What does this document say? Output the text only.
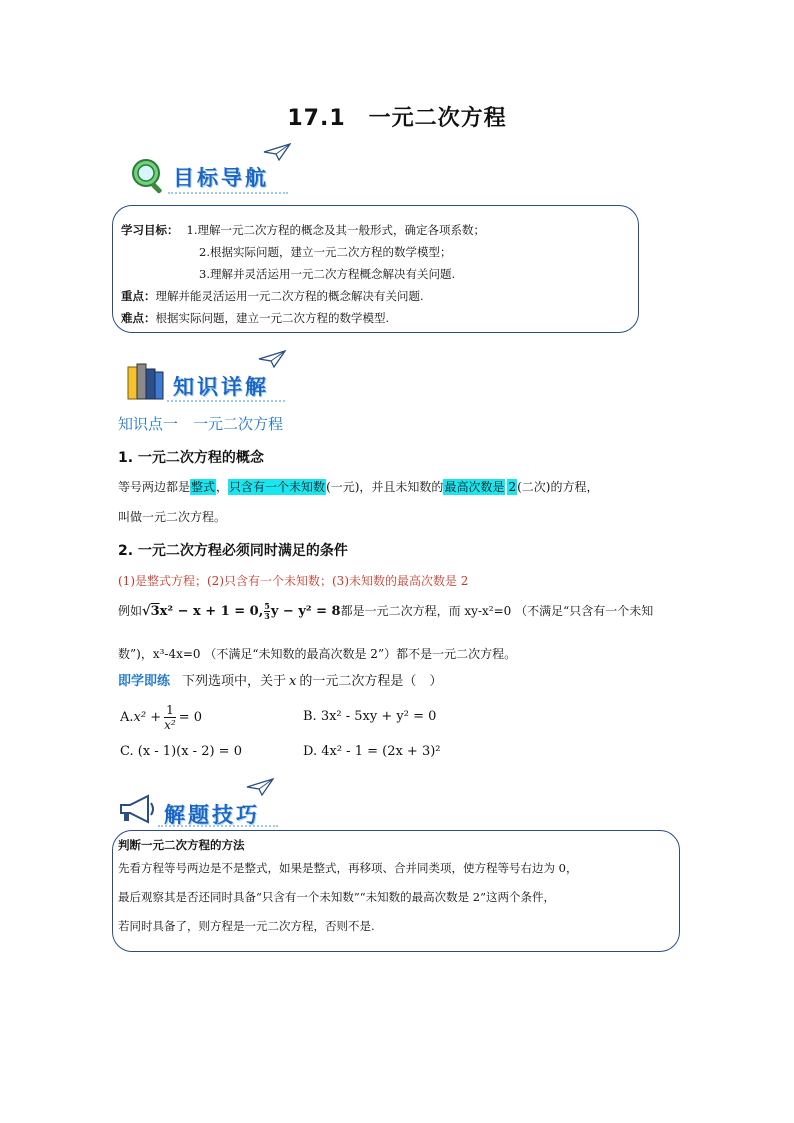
17.1　一元二次方程
目标导航
学习目标： 1.理解一元二次方程的概念及其一般形式，确定各项系数；
2.根据实际问题，建立一元二次方程的数学模型；
3.理解并灵活运用一元二次方程概念解决有关问题.
重点：理解并能灵活运用一元二次方程的概念解决有关问题.
难点：根据实际问题，建立一元二次方程的数学模型.
知识详解
知识点一　一元二次方程
1. 一元二次方程的概念
等号两边都是整式，只含有一个未知数(一元)，并且未知数的最高次数是 2(二次)的方程，
叫做一元二次方程。
2. 一元二次方程必须同时满足的条件
(1)是整式方程；(2)只含有一个未知数；(3)未知数的最高次数是 2
例如√3x² − x + 1 = 0, $\frac{5}{3}$ y − y² = 8都是一元二次方程，而 xy-x²=0 （不满足“只含有一个未知
数”)，x³-4x=0 （不满足“未知数的最高次数是 2”）都不是一元二次方程。
即学即练 下列选项中，关于 x 的一元二次方程是（　）
$A.x^2 + \frac{1}{\text{x²}} = 0$	B. 3x² - 5xy + y² = 0
C. (x - 1)(x - 2) = 0	D. 4x² - 1 = (2x + 3)²
解题技巧
判断一元二次方程的方法
先看方程等号两边是不是整式，如果是整式，再移项、合并同类项，使方程等号右边为 0，
最后观察其是否还同时具备“只含有一个未知数”“未知数的最高次数是 2”这两个条件，
若同时具备了，则方程是一元二次方程，否则不是.
